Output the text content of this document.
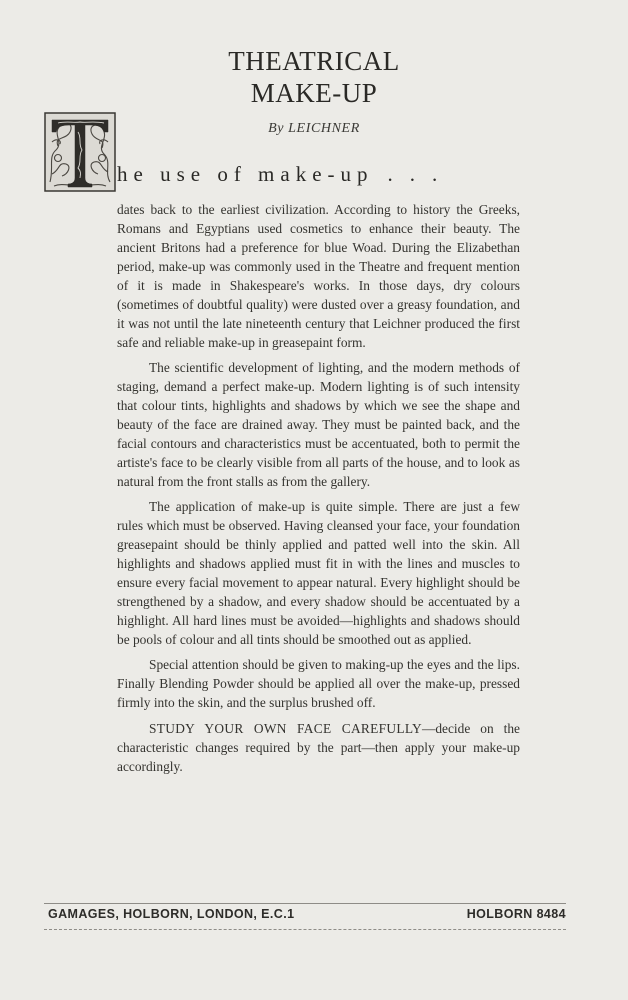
THEATRICAL
MAKE-UP
By LEICHNER
he use of make-up ...

dates back to the earliest civilization. According to history the Greeks, Romans and Egyptians used cosmetics to enhance their beauty. The ancient Britons had a preference for blue Woad. During the Elizabethan period, make-up was commonly used in the Theatre and frequent mention of it is made in Shakespeare's works. In those days, dry colours (sometimes of doubtful quality) were dusted over a greasy foundation, and it was not until the late nineteenth century that Leichner produced the first safe and reliable make-up in greasepaint form.

The scientific development of lighting, and the modern methods of staging, demand a perfect make-up. Modern lighting is of such intensity that colour tints, highlights and shadows by which we see the shape and beauty of the face are drained away. They must be painted back, and the facial contours and characteristics must be accentuated, both to permit the artiste's face to be clearly visible from all parts of the house, and to look as natural from the front stalls as from the gallery.

The application of make-up is quite simple. There are just a few rules which must be observed. Having cleansed your face, your foundation greasepaint should be thinly applied and patted well into the skin. All highlights and shadows applied must fit in with the lines and muscles to ensure every facial movement to appear natural. Every highlight should be strengthened by a shadow, and every shadow should be accentuated by a highlight. All hard lines must be avoided—highlights and shadows should be pools of colour and all tints should be smoothed out as applied.

Special attention should be given to making-up the eyes and the lips. Finally Blending Powder should be applied all over the make-up, pressed firmly into the skin, and the surplus brushed off.

STUDY YOUR OWN FACE CAREFULLY—decide on the characteristic changes required by the part—then apply your make-up accordingly.

GAMAGES, HOLBORN, LONDON, E.C.1	HOLBORN 8484
